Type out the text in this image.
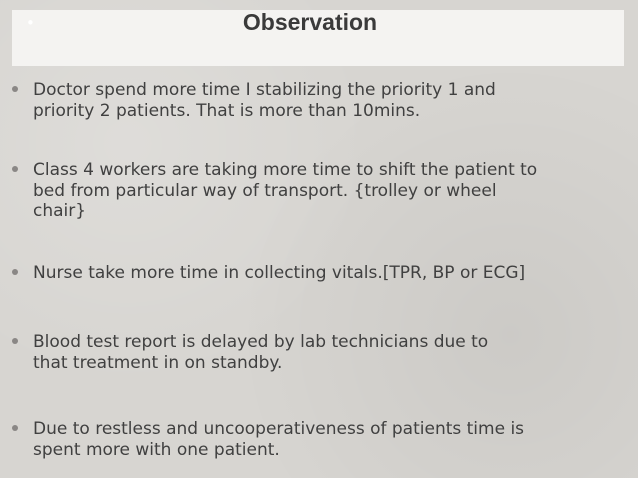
•	Observation
Doctor spend more time I stabilizing the priority 1 and
priority 2 patients. That is more than 10mins.
Class 4 workers are taking more time to shift the patient to
bed from particular way of transport. {trolley or wheel
chair}
Nurse take more time in collecting vitals.[TPR, BP or ECG]
Blood test report is delayed by lab technicians due to
that treatment in on standby.
Due to restless and uncooperativeness of patients time is
spent more with one patient.
